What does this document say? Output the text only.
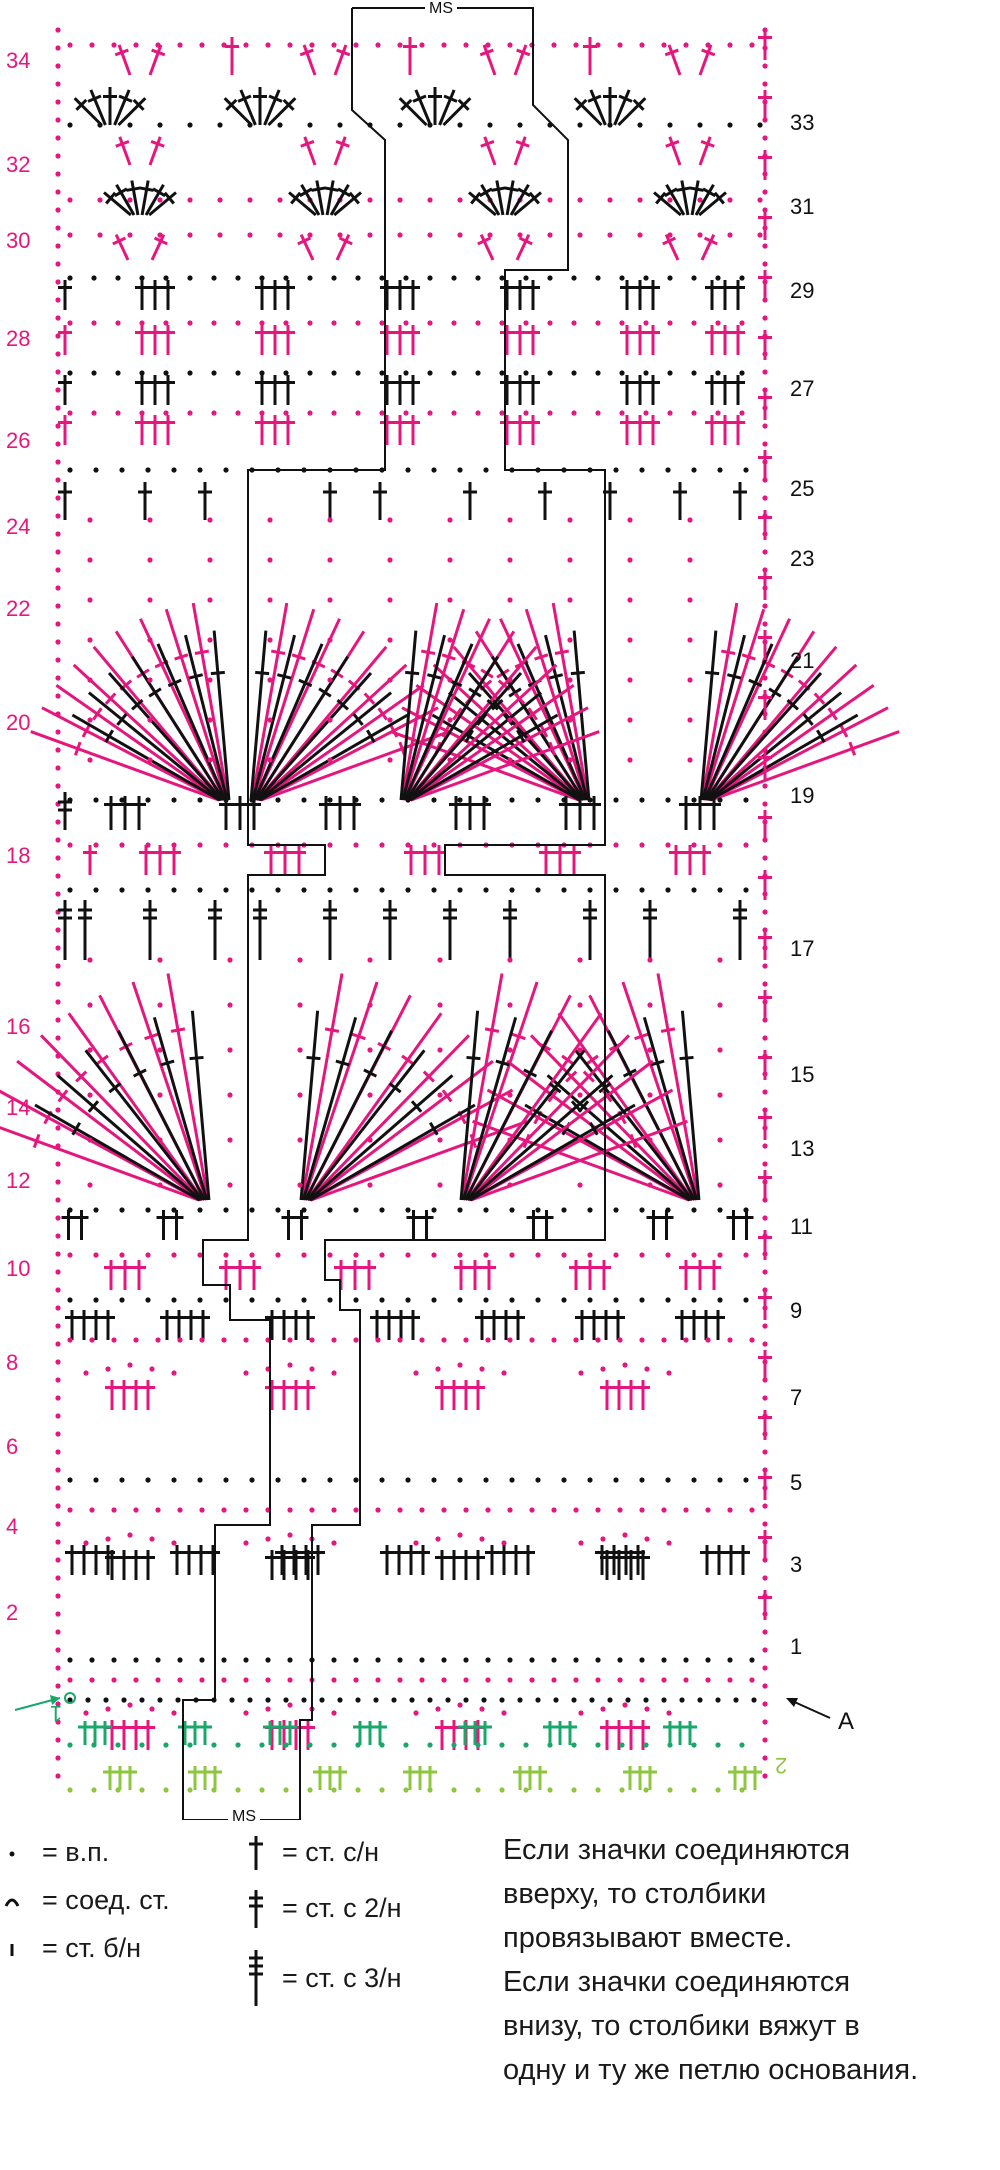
MS
MS
A
1
2
34
32
30
28
26
24
22
20
18
16
14
12
10
8
6
4
2
33
31
29
27
25
23
21
19
17
15
13
11
9
7
5
3
1
= в.п.
= соед. ст.
= ст. б/н
= ст. с/н
= ст. с 2/н
= ст. с 3/н

Если значки соединяются вверху, то столбики провязывают вместе.

Если значки соединяются внизу, то столбики вяжут в одну и ту же петлю основания.
